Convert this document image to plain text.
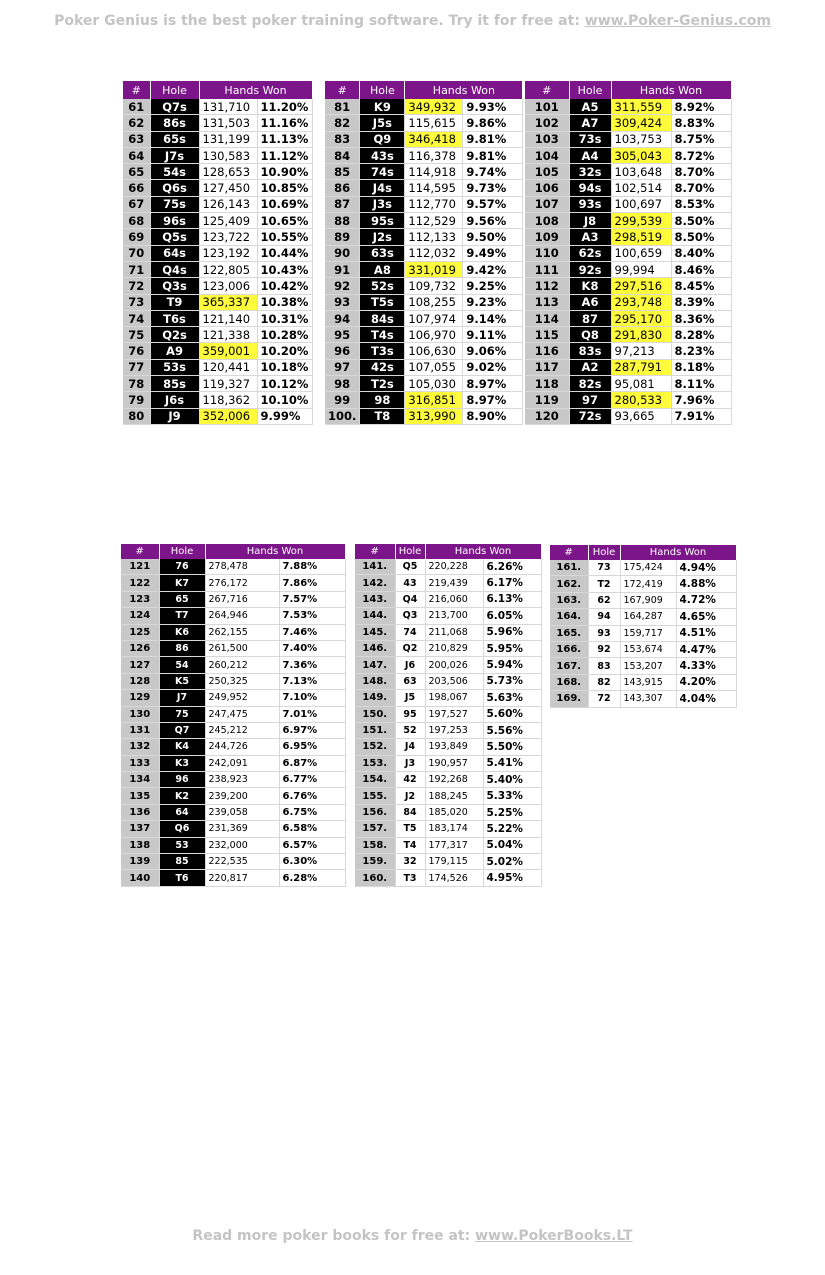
Poker Genius is the best poker training software. Try it for free at: www.Poker-Genius.com
#	Hole	Hands Won	
61	Q7s	131,710	11.20%
62	86s	131,503	11.16%
63	65s	131,199	11.13%
64	J7s	130,583	11.12%
65	54s	128,653	10.90%
66	Q6s	127,450	10.85%
67	75s	126,143	10.69%
68	96s	125,409	10.65%
69	Q5s	123,722	10.55%
70	64s	123,192	10.44%
71	Q4s	122,805	10.43%
72	Q3s	123,006	10.42%
73	T9	365,337	10.38%
74	T6s	121,140	10.31%
75	Q2s	121,338	10.28%
76	A9	359,001	10.20%
77	53s	120,441	10.18%
78	85s	119,327	10.12%
79	J6s	118,362	10.10%
80	J9	352,006	9.99%
#	Hole	Hands Won	
81	K9	349,932	9.93%
82	J5s	115,615	9.86%
83	Q9	346,418	9.81%
84	43s	116,378	9.81%
85	74s	114,918	9.74%
86	J4s	114,595	9.73%
87	J3s	112,770	9.57%
88	95s	112,529	9.56%
89	J2s	112,133	9.50%
90	63s	112,032	9.49%
91	A8	331,019	9.42%
92	52s	109,732	9.25%
93	T5s	108,255	9.23%
94	84s	107,974	9.14%
95	T4s	106,970	9.11%
96	T3s	106,630	9.06%
97	42s	107,055	9.02%
98	T2s	105,030	8.97%
99	98	316,851	8.97%
100.	T8	313,990	8.90%
#	Hole	Hands Won	
101	A5	311,559	8.92%
102	A7	309,424	8.83%
103	73s	103,753	8.75%
104	A4	305,043	8.72%
105	32s	103,648	8.70%
106	94s	102,514	8.70%
107	93s	100,697	8.53%
108	J8	299,539	8.50%
109	A3	298,519	8.50%
110	62s	100,659	8.40%
111	92s	99,994	8.46%
112	K8	297,516	8.45%
113	A6	293,748	8.39%
114	87	295,170	8.36%
115	Q8	291,830	8.28%
116	83s	97,213	8.23%
117	A2	287,791	8.18%
118	82s	95,081	8.11%
119	97	280,533	7.96%
120	72s	93,665	7.91%
#	Hole	Hands Won	
121	76	278,478	7.88%
122	K7	276,172	7.86%
123	65	267,716	7.57%
124	T7	264,946	7.53%
125	K6	262,155	7.46%
126	86	261,500	7.40%
127	54	260,212	7.36%
128	K5	250,325	7.13%
129	J7	249,952	7.10%
130	75	247,475	7.01%
131	Q7	245,212	6.97%
132	K4	244,726	6.95%
133	K3	242,091	6.87%
134	96	238,923	6.77%
135	K2	239,200	6.76%
136	64	239,058	6.75%
137	Q6	231,369	6.58%
138	53	232,000	6.57%
139	85	222,535	6.30%
140	T6	220,817	6.28%
#	Hole	Hands Won	
141.	Q5	220,228	6.26%
142.	43	219,439	6.17%
143.	Q4	216,060	6.13%
144.	Q3	213,700	6.05%
145.	74	211,068	5.96%
146.	Q2	210,829	5.95%
147.	J6	200,026	5.94%
148.	63	203,506	5.73%
149.	J5	198,067	5.63%
150.	95	197,527	5.60%
151.	52	197,253	5.56%
152.	J4	193,849	5.50%
153.	J3	190,957	5.41%
154.	42	192,268	5.40%
155.	J2	188,245	5.33%
156.	84	185,020	5.25%
157.	T5	183,174	5.22%
158.	T4	177,317	5.04%
159.	32	179,115	5.02%
160.	T3	174,526	4.95%
#	Hole	Hands Won	
161.	73	175,424	4.94%
162.	T2	172,419	4.88%
163.	62	167,909	4.72%
164.	94	164,287	4.65%
165.	93	159,717	4.51%
166.	92	153,674	4.47%
167.	83	153,207	4.33%
168.	82	143,915	4.20%
169.	72	143,307	4.04%
Read more poker books for free at: www.PokerBooks.LT
